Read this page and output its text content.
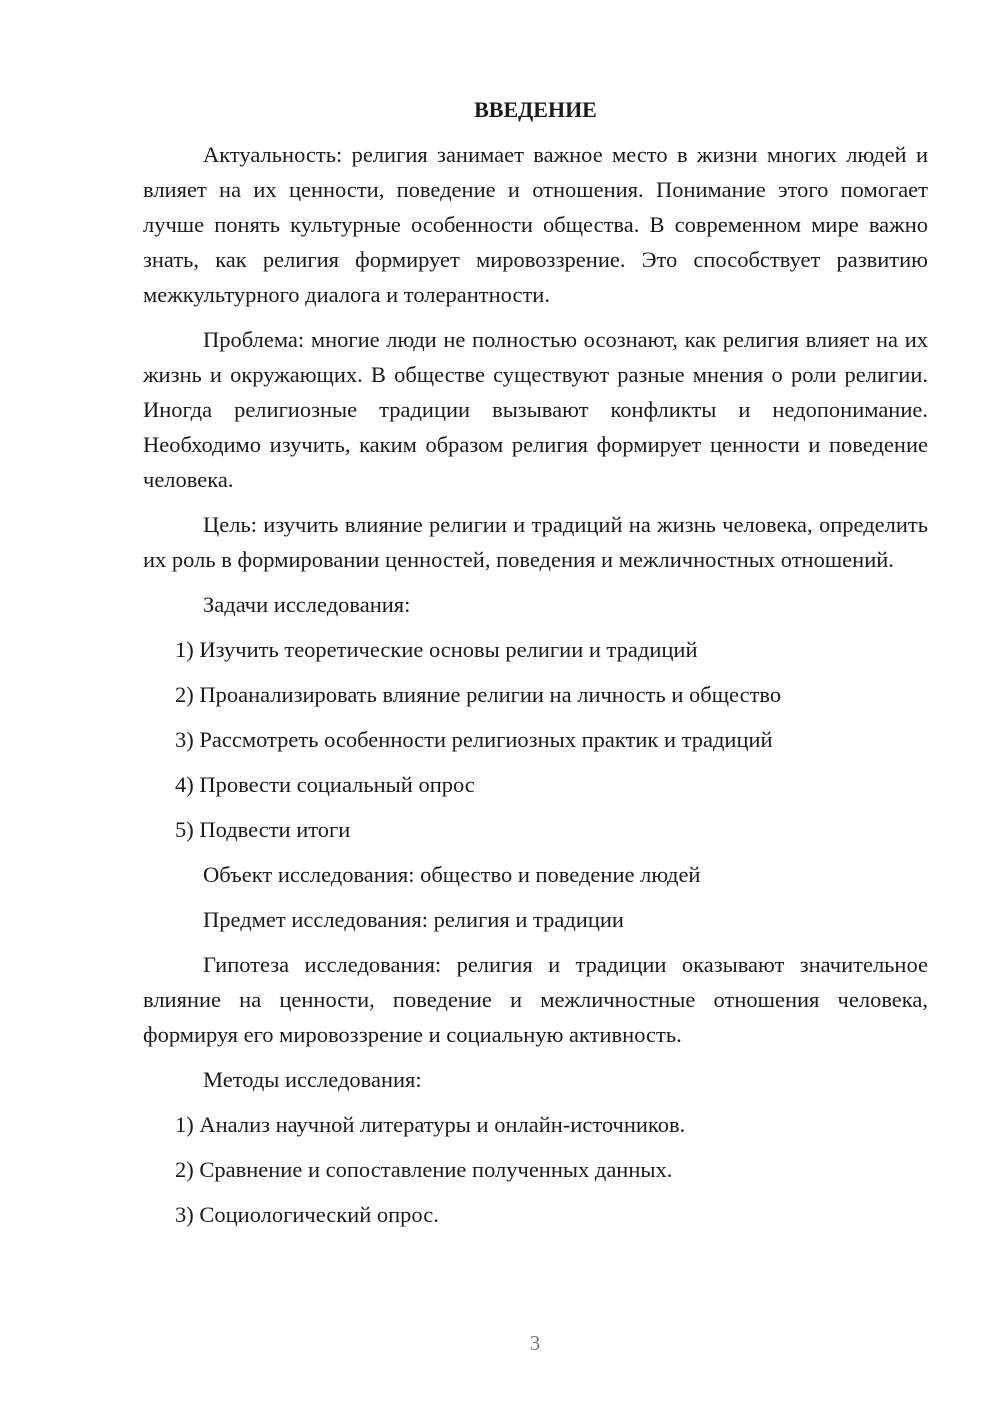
ВВЕДЕНИЕ

Актуальность: религия занимает важное место в жизни многих людей и влияет на их ценности, поведение и отношения. Понимание этого помогает лучше понять культурные особенности общества. В современном мире важно знать, как религия формирует мировоззрение. Это способствует развитию межкультурного диалога и толерантности.

Проблема: многие люди не полностью осознают, как религия влияет на их жизнь и окружающих. В обществе существуют разные мнения о роли религии. Иногда религиозные традиции вызывают конфликты и недопонимание. Необходимо изучить, каким образом религия формирует ценности и поведение человека.

Цель: изучить влияние религии и традиций на жизнь человека, определить их роль в формировании ценностей, поведения и межличностных отношений.

Задачи исследования:
1) Изучить теоретические основы религии и традиций
2) Проанализировать влияние религии на личность и общество
3) Рассмотреть особенности религиозных практик и традиций
4) Провести социальный опрос
5) Подвести итоги
Объект исследования: общество и поведение людей
Предмет исследования: религия и традиции

Гипотеза исследования: религия и традиции оказывают значительное влияние на ценности, поведение и межличностные отношения человека, формируя его мировоззрение и социальную активность.

Методы исследования:
1) Анализ научной литературы и онлайн-источников.
2) Сравнение и сопоставление полученных данных.
3) Социологический опрос.
3
